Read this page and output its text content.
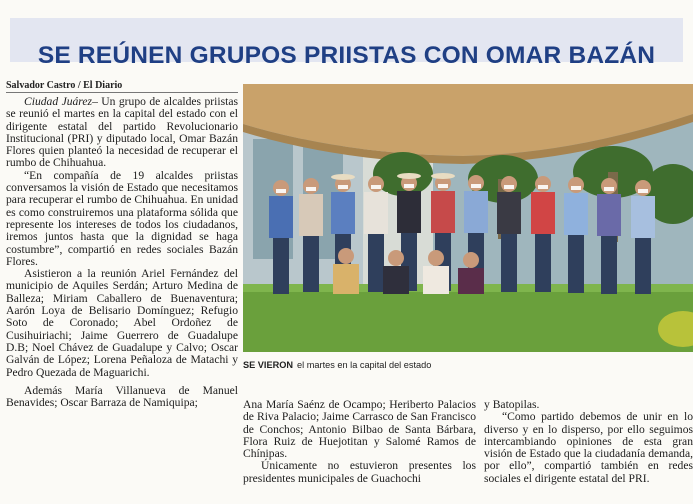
SE REÚNEN GRUPOS PRIISTAS CON OMAR BAZÁN
Salvador Castro / El Diario

Ciudad Juárez– Un grupo de alcaldes priistas se reunió el martes en la capital del estado con el dirigente estatal del partido Revolucionario Institucional (PRI) y diputado local, Omar Bazán Flores quien planteó la necesidad de recuperar el rumbo de Chihuahua.

“En compañía de 19 alcaldes priistas conversamos la visión de Estado que necesitamos para recuperar el rumbo de Chihuahua. En unidad es como construiremos una plataforma sólida que represente los intereses de todos los ciudadanos, iremos juntos hasta que la dignidad se haga costumbre”, compartió en redes sociales Bazán Flores.

Asistieron a la reunión Ariel Fernández del municipio de Aquiles Serdán; Arturo Medina de Balleza; Miriam Caballero de Buenaventura; Aarón Loya de Belisario Domínguez; Refugio Soto de Coronado; Abel Ordoñez de Cusihuiriachi; Jaime Guerrero de Guadalupe D.B; Noel Chávez de Guadalupe y Calvo; Oscar Galván de López; Lorena Peñaloza de Matachi y Pedro Quezada de Maguarichi.

Además María Villanueva de Manuel Benavides; Oscar Barraza de Namiquipa;

SE VIERON el martes en la capital del estado

Ana María Saénz de Ocampo; Heriberto Palacios de Riva Palacio; Jaime Carrasco de San Francisco de Conchos; Antonio Bilbao de Santa Bárbara, Flora Ruiz de Huejotitan y Salomé Ramos de Chínipas.

Únicamente no estuvieron presentes los presidentes municipales de Guachochi

y Batopilas.

“Como partido debemos de unir en lo diverso y en lo disperso, por ello seguimos intercambiando opiniones de esta gran visión de Estado que la ciudadanía demanda, por ello”, compartió también en redes sociales el dirigente estatal del PRI.
